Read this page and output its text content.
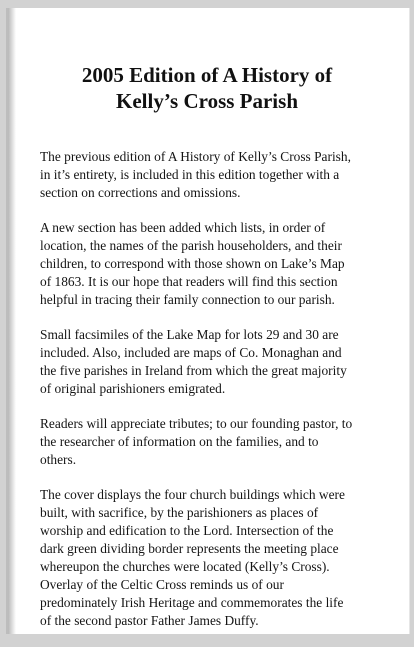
2005 Edition of A History of
Kelly’s Cross Parish

The previous edition of A History of Kelly’s Cross Parish,
in it’s entirety, is included in this edition together with a
section on corrections and omissions.

A new section has been added which lists, in order of
location, the names of the parish householders, and their
children, to correspond with those shown on Lake’s Map
of 1863. It is our hope that readers will find this section
helpful in tracing their family connection to our parish.

Small facsimiles of the Lake Map for lots 29 and 30 are
included. Also, included are maps of Co. Monaghan and
the five parishes in Ireland from which the great majority
of original parishioners emigrated.

Readers will appreciate tributes; to our founding pastor, to
the researcher of information on the families, and to
others.

The cover displays the four church buildings which were
built, with sacrifice, by the parishioners as places of
worship and edification to the Lord. Intersection of the
dark green dividing border represents the meeting place
whereupon the churches were located (Kelly’s Cross).
Overlay of the Celtic Cross reminds us of our
predominately Irish Heritage and commemorates the life
of the second pastor Father James Duffy.
